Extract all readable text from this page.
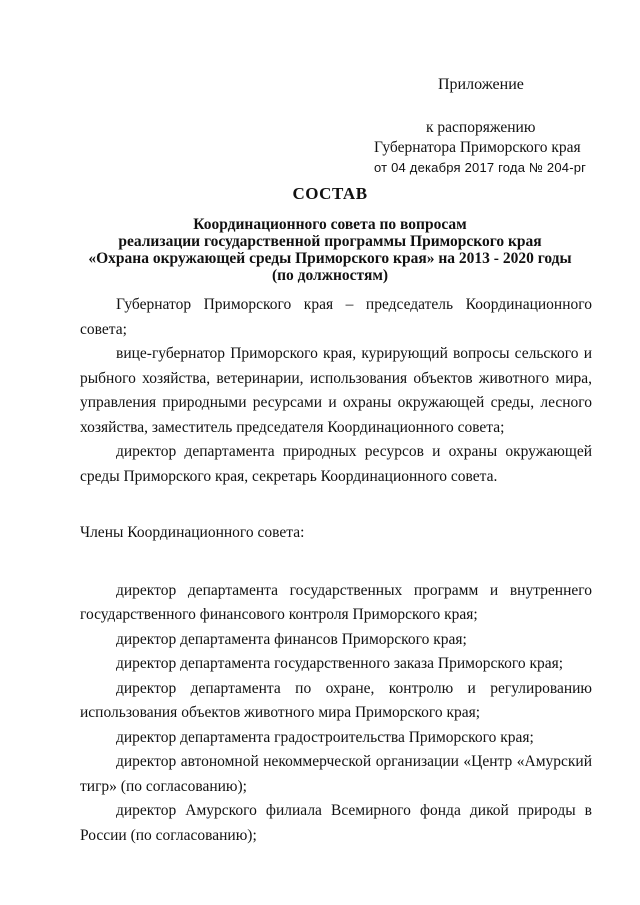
Приложение
к распоряжению
Губернатора Приморского края
от 04 декабря 2017 года № 204-рг
СОСТАВ
Координационного совета по вопросам
реализации государственной программы Приморского края
«Охрана окружающей среды Приморского края» на 2013 - 2020 годы
(по должностям)

Губернатор Приморского края – председатель Координационного совета;

вице-губернатор Приморского края, курирующий вопросы сельского и рыбного хозяйства, ветеринарии, использования объектов животного мира, управления природными ресурсами и охраны окружающей среды, лесного хозяйства, заместитель председателя Координационного совета;

директор департамента природных ресурсов и охраны окружающей среды Приморского края, секретарь Координационного совета.

Члены Координационного совета:

директор департамента государственных программ и внутреннего государственного финансового контроля Приморского края;

директор департамента финансов Приморского края;

директор департамента государственного заказа Приморского края;

директор департамента по охране, контролю и регулированию использования объектов животного мира Приморского края;

директор департамента градостроительства Приморского края;

директор автономной некоммерческой организации «Центр «Амурский тигр» (по согласованию);

директор Амурского филиала Всемирного фонда дикой природы в России (по согласованию);
